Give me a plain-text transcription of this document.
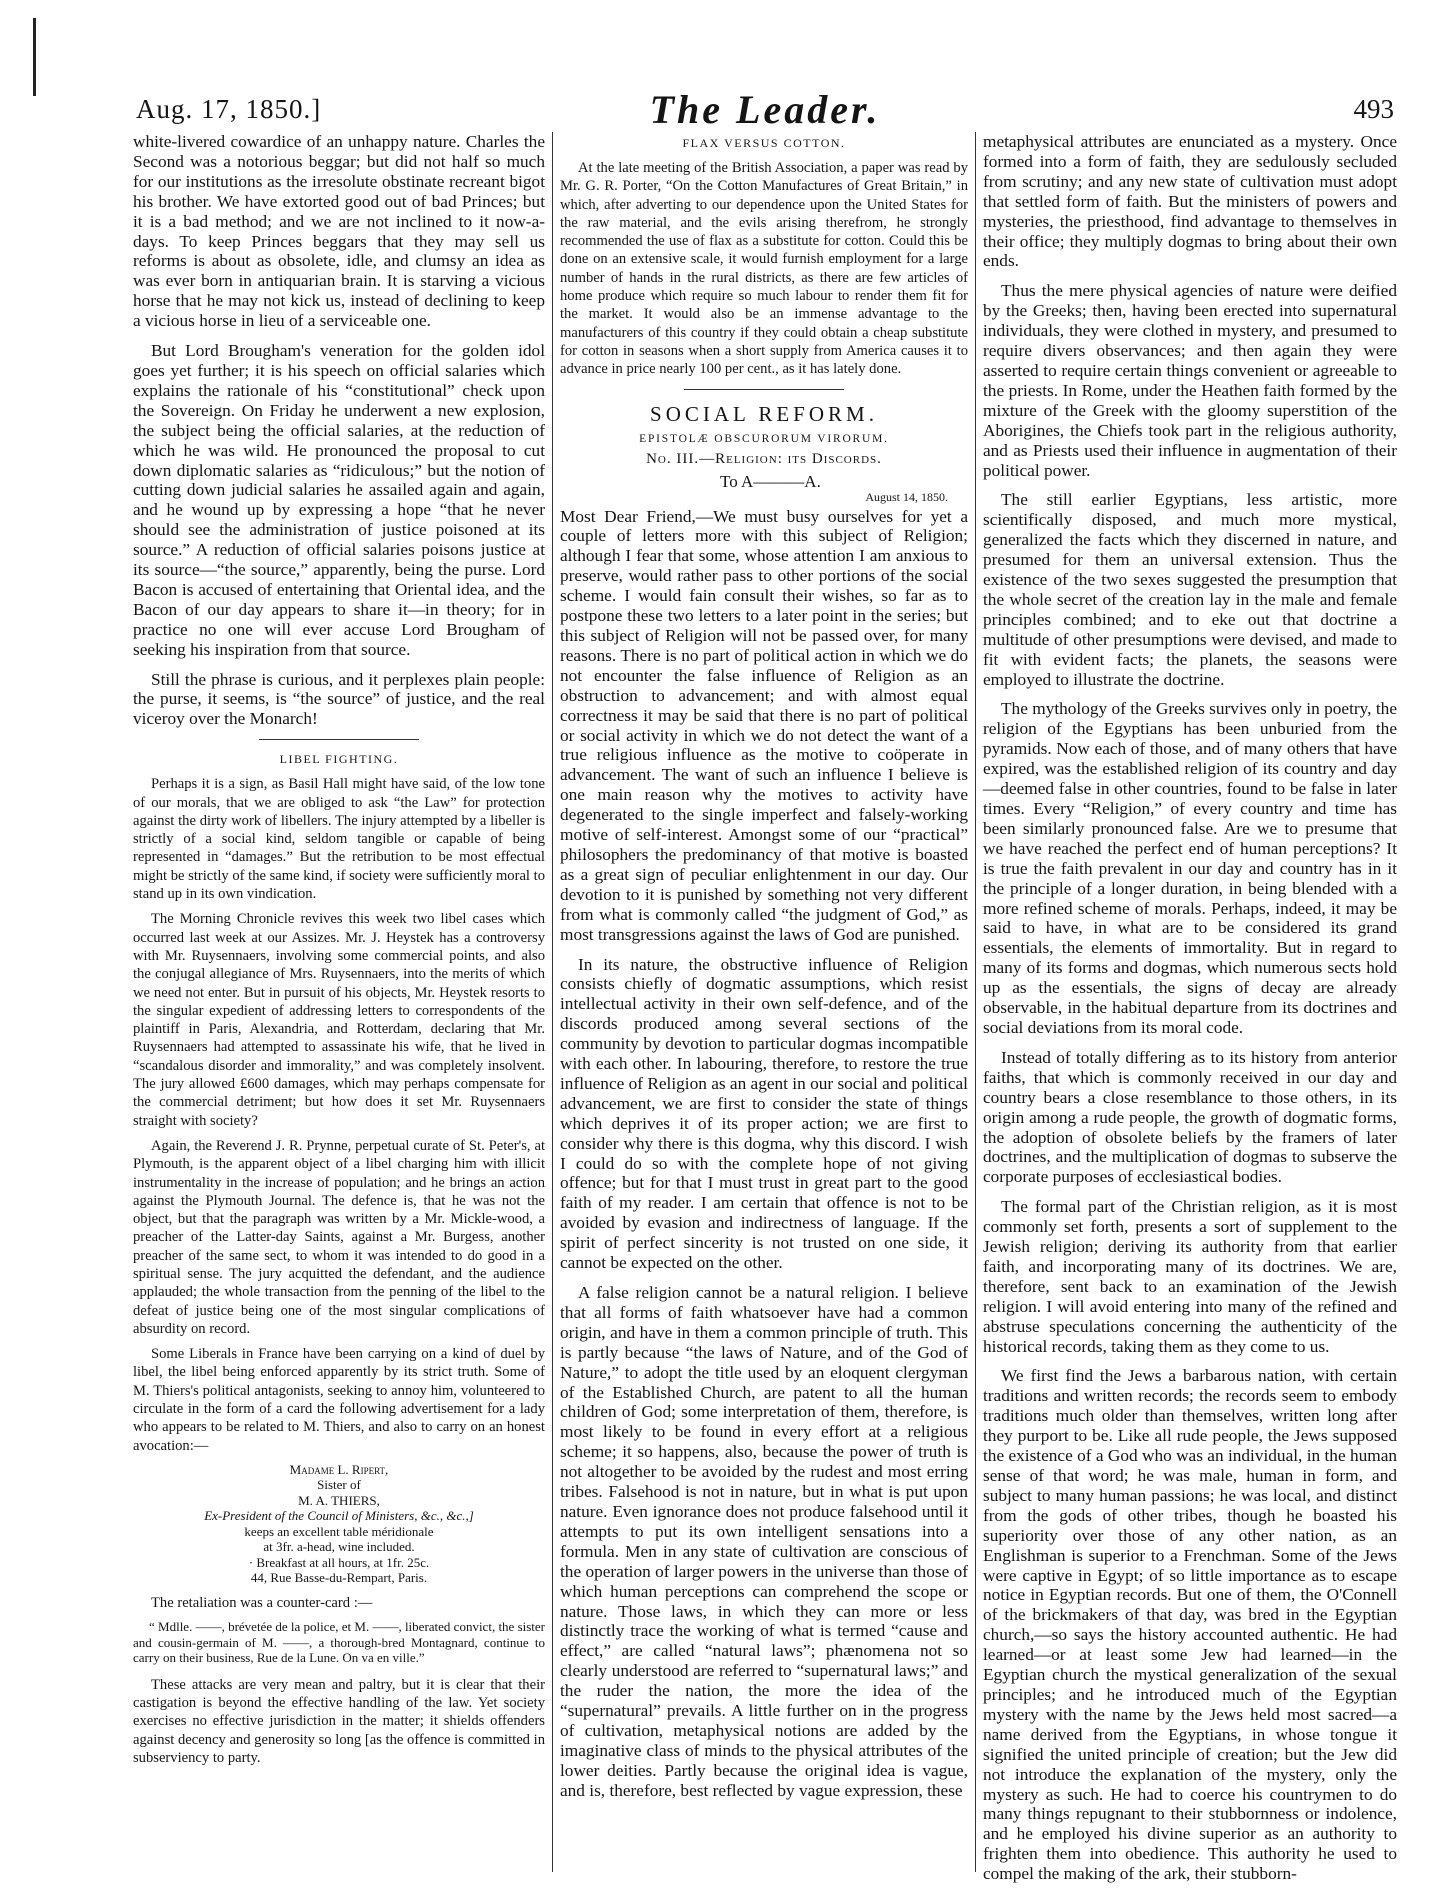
Aug. 17, 1850.]	The Leader.	493

white-livered cowardice of an unhappy nature. Charles the Second was a notorious beggar; but did not half so much for our institutions as the irresolute obstinate recreant bigot his brother. We have extorted good out of bad Princes; but it is a bad method; and we are not inclined to it now-a-days. To keep Princes beggars that they may sell us reforms is about as obsolete, idle, and clumsy an idea as was ever born in antiquarian brain. It is starving a vicious horse that he may not kick us, instead of declining to keep a vicious horse in lieu of a serviceable one.

But Lord Brougham's veneration for the golden idol goes yet further; it is his speech on official salaries which explains the rationale of his “constitutional” check upon the Sovereign. On Friday he underwent a new explosion, the subject being the official salaries, at the reduction of which he was wild. He pronounced the proposal to cut down diplomatic salaries as “ridiculous;” but the notion of cutting down judicial salaries he assailed again and again, and he wound up by expressing a hope “that he never should see the administration of justice poisoned at its source.” A reduction of official salaries poisons justice at its source—“the source,” apparently, being the purse. Lord Bacon is accused of entertaining that Oriental idea, and the Bacon of our day appears to share it—in theory; for in practice no one will ever accuse Lord Brougham of seeking his inspiration from that source.

Still the phrase is curious, and it perplexes plain people: the purse, it seems, is “the source” of justice, and the real viceroy over the Monarch!

LIBEL FIGHTING.

Perhaps it is a sign, as Basil Hall might have said, of the low tone of our morals, that we are obliged to ask “the Law” for protection against the dirty work of libellers. The injury attempted by a libeller is strictly of a social kind, seldom tangible or capable of being represented in “damages.” But the retribution to be most effectual might be strictly of the same kind, if society were sufficiently moral to stand up in its own vindication.

The Morning Chronicle revives this week two libel cases which occurred last week at our Assizes. Mr. J. Heystek has a controversy with Mr. Ruysennaers, involving some commercial points, and also the conjugal allegiance of Mrs. Ruysennaers, into the merits of which we need not enter. But in pursuit of his objects, Mr. Heystek resorts to the singular expedient of addressing letters to correspondents of the plaintiff in Paris, Alexandria, and Rotterdam, declaring that Mr. Ruysennaers had attempted to assassinate his wife, that he lived in “scandalous disorder and immorality,” and was completely insolvent. The jury allowed £600 damages, which may perhaps compensate for the commercial detriment; but how does it set Mr. Ruysennaers straight with society?

Again, the Reverend J. R. Prynne, perpetual curate of St. Peter's, at Plymouth, is the apparent object of a libel charging him with illicit instrumentality in the increase of population; and he brings an action against the Plymouth Journal. The defence is, that he was not the object, but that the paragraph was written by a Mr. Mickle-wood, a preacher of the Latter-day Saints, against a Mr. Burgess, another preacher of the same sect, to whom it was intended to do good in a spiritual sense. The jury acquitted the defendant, and the audience applauded; the whole transaction from the penning of the libel to the defeat of justice being one of the most singular complications of absurdity on record.

Some Liberals in France have been carrying on a kind of duel by libel, the libel being enforced apparently by its strict truth. Some of M. Thiers's political antagonists, seeking to annoy him, volunteered to circulate in the form of a card the following advertisement for a lady who appears to be related to M. Thiers, and also to carry on an honest avocation:—

Madame L. Ripert,
Sister of
M. A. THIERS,
Ex-President of the Council of Ministers, &c., &c.,]
keeps an excellent table méridionale
at 3fr. a-head, wine included.
· Breakfast at all hours, at 1fr. 25c.
44, Rue Basse-du-Rempart, Paris.

The retaliation was a counter-card :—

“ Mdlle. ——, brévetée de la police, et M. ——, liberated convict, the sister and cousin-germain of M. ——, a thorough-bred Montagnard, continue to carry on their business, Rue de la Lune. On va en ville.”

These attacks are very mean and paltry, but it is clear that their castigation is beyond the effective handling of the law. Yet society exercises no effective jurisdiction in the matter; it shields offenders against decency and generosity so long [as the offence is committed in subserviency to party.

FLAX VERSUS COTTON.

At the late meeting of the British Association, a paper was read by Mr. G. R. Porter, “On the Cotton Manufactures of Great Britain,” in which, after adverting to our dependence upon the United States for the raw material, and the evils arising therefrom, he strongly recommended the use of flax as a substitute for cotton. Could this be done on an extensive scale, it would furnish employment for a large number of hands in the rural districts, as there are few articles of home produce which require so much labour to render them fit for the market. It would also be an immense advantage to the manufacturers of this country if they could obtain a cheap substitute for cotton in seasons when a short supply from America causes it to advance in price nearly 100 per cent., as it has lately done.

SOCIAL REFORM.
EPISTOLÆ OBSCURORUM VIRORUM.
No. III.—Religion: its Discords.
To A———A.
August 14, 1850.

Most Dear Friend,—We must busy ourselves for yet a couple of letters more with this subject of Religion; although I fear that some, whose attention I am anxious to preserve, would rather pass to other portions of the social scheme. I would fain consult their wishes, so far as to postpone these two letters to a later point in the series; but this subject of Religion will not be passed over, for many reasons. There is no part of political action in which we do not encounter the false influence of Religion as an obstruction to advancement; and with almost equal correctness it may be said that there is no part of political or social activity in which we do not detect the want of a true religious influence as the motive to coöperate in advancement. The want of such an influence I believe is one main reason why the motives to activity have degenerated to the single imperfect and falsely-working motive of self-interest. Amongst some of our “practical” philosophers the predominancy of that motive is boasted as a great sign of peculiar enlightenment in our day. Our devotion to it is punished by something not very different from what is commonly called “the judgment of God,” as most transgressions against the laws of God are punished.

In its nature, the obstructive influence of Religion consists chiefly of dogmatic assumptions, which resist intellectual activity in their own self-defence, and of the discords produced among several sections of the community by devotion to particular dogmas incompatible with each other. In labouring, therefore, to restore the true influence of Religion as an agent in our social and political advancement, we are first to consider the state of things which deprives it of its proper action; we are first to consider why there is this dogma, why this discord. I wish I could do so with the complete hope of not giving offence; but for that I must trust in great part to the good faith of my reader. I am certain that offence is not to be avoided by evasion and indirectness of language. If the spirit of perfect sincerity is not trusted on one side, it cannot be expected on the other.

A false religion cannot be a natural religion. I believe that all forms of faith whatsoever have had a common origin, and have in them a common principle of truth. This is partly because “the laws of Nature, and of the God of Nature,” to adopt the title used by an eloquent clergyman of the Established Church, are patent to all the human children of God; some interpretation of them, therefore, is most likely to be found in every effort at a religious scheme; it so happens, also, because the power of truth is not altogether to be avoided by the rudest and most erring tribes. Falsehood is not in nature, but in what is put upon nature. Even ignorance does not produce falsehood until it attempts to put its own intelligent sensations into a formula. Men in any state of cultivation are conscious of the operation of larger powers in the universe than those of which human perceptions can comprehend the scope or nature. Those laws, in which they can more or less distinctly trace the working of what is termed “cause and effect,” are called “natural laws”; phænomena not so clearly understood are referred to “supernatural laws;” and the ruder the nation, the more the idea of the “supernatural” prevails. A little further on in the progress of cultivation, metaphysical notions are added by the imaginative class of minds to the physical attributes of the lower deities. Partly because the original idea is vague, and is, therefore, best reflected by vague expression, these

metaphysical attributes are enunciated as a mystery. Once formed into a form of faith, they are sedulously secluded from scrutiny; and any new state of cultivation must adopt that settled form of faith. But the ministers of powers and mysteries, the priesthood, find advantage to themselves in their office; they multiply dogmas to bring about their own ends.

Thus the mere physical agencies of nature were deified by the Greeks; then, having been erected into supernatural individuals, they were clothed in mystery, and presumed to require divers observances; and then again they were asserted to require certain things convenient or agreeable to the priests. In Rome, under the Heathen faith formed by the mixture of the Greek with the gloomy superstition of the Aborigines, the Chiefs took part in the religious authority, and as Priests used their influence in augmentation of their political power.

The still earlier Egyptians, less artistic, more scientifically disposed, and much more mystical, generalized the facts which they discerned in nature, and presumed for them an universal extension. Thus the existence of the two sexes suggested the presumption that the whole secret of the creation lay in the male and female principles combined; and to eke out that doctrine a multitude of other presumptions were devised, and made to fit with evident facts; the planets, the seasons were employed to illustrate the doctrine.

The mythology of the Greeks survives only in poetry, the religion of the Egyptians has been unburied from the pyramids. Now each of those, and of many others that have expired, was the established religion of its country and day—deemed false in other countries, found to be false in later times. Every “Religion,” of every country and time has been similarly pronounced false. Are we to presume that we have reached the perfect end of human perceptions? It is true the faith prevalent in our day and country has in it the principle of a longer duration, in being blended with a more refined scheme of morals. Perhaps, indeed, it may be said to have, in what are to be considered its grand essentials, the elements of immortality. But in regard to many of its forms and dogmas, which numerous sects hold up as the essentials, the signs of decay are already observable, in the habitual departure from its doctrines and social deviations from its moral code.

Instead of totally differing as to its history from anterior faiths, that which is commonly received in our day and country bears a close resemblance to those others, in its origin among a rude people, the growth of dogmatic forms, the adoption of obsolete beliefs by the framers of later doctrines, and the multiplication of dogmas to subserve the corporate purposes of ecclesiastical bodies.

The formal part of the Christian religion, as it is most commonly set forth, presents a sort of supplement to the Jewish religion; deriving its authority from that earlier faith, and incorporating many of its doctrines. We are, therefore, sent back to an examination of the Jewish religion. I will avoid entering into many of the refined and abstruse speculations concerning the authenticity of the historical records, taking them as they come to us.

We first find the Jews a barbarous nation, with certain traditions and written records; the records seem to embody traditions much older than themselves, written long after they purport to be. Like all rude people, the Jews supposed the existence of a God who was an individual, in the human sense of that word; he was male, human in form, and subject to many human passions; he was local, and distinct from the gods of other tribes, though he boasted his superiority over those of any other nation, as an Englishman is superior to a Frenchman. Some of the Jews were captive in Egypt; of so little importance as to escape notice in Egyptian records. But one of them, the O'Connell of the brickmakers of that day, was bred in the Egyptian church,—so says the history accounted authentic. He had learned—or at least some Jew had learned—in the Egyptian church the mystical generalization of the sexual principles; and he introduced much of the Egyptian mystery with the name by the Jews held most sacred—a name derived from the Egyptians, in whose tongue it signified the united principle of creation; but the Jew did not introduce the explanation of the mystery, only the mystery as such. He had to coerce his countrymen to do many things repugnant to their stubbornness or indolence, and he employed his divine superior as an authority to frighten them into obedience. This authority he used to compel the making of the ark, their stubborn-
